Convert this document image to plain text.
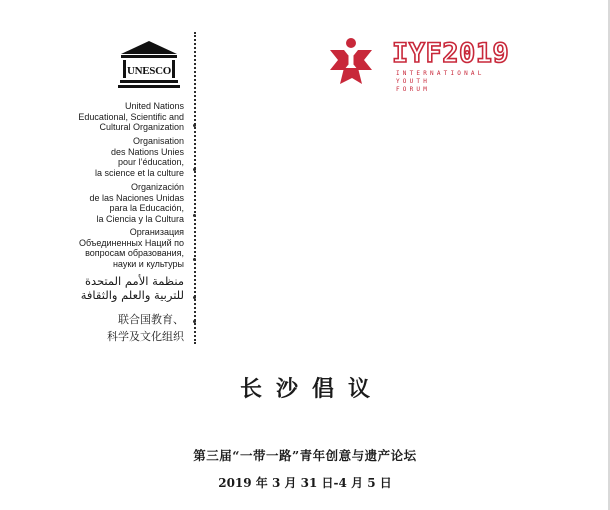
UNESCO
United Nations
Educational, Scientific and
Cultural Organization
Organisation
des Nations Unies
pour l’éducation,
la science et la culture
Organización
de las Naciones Unidas
para la Educación,
la Ciencia y la Cultura
Организация
Объединенных Наций по
вопросам образования,
науки и культуры
منظمة الأمم المتحدة
للتربية والعلم والثقافة
联合国教育、
科学及文化组织
IYF2019
INTERNATIONAL
YOUTH
FORUM
长沙倡议
第三届“一带一路”青年创意与遗产论坛
2019 年 3 月 31 日-4 月 5 日
